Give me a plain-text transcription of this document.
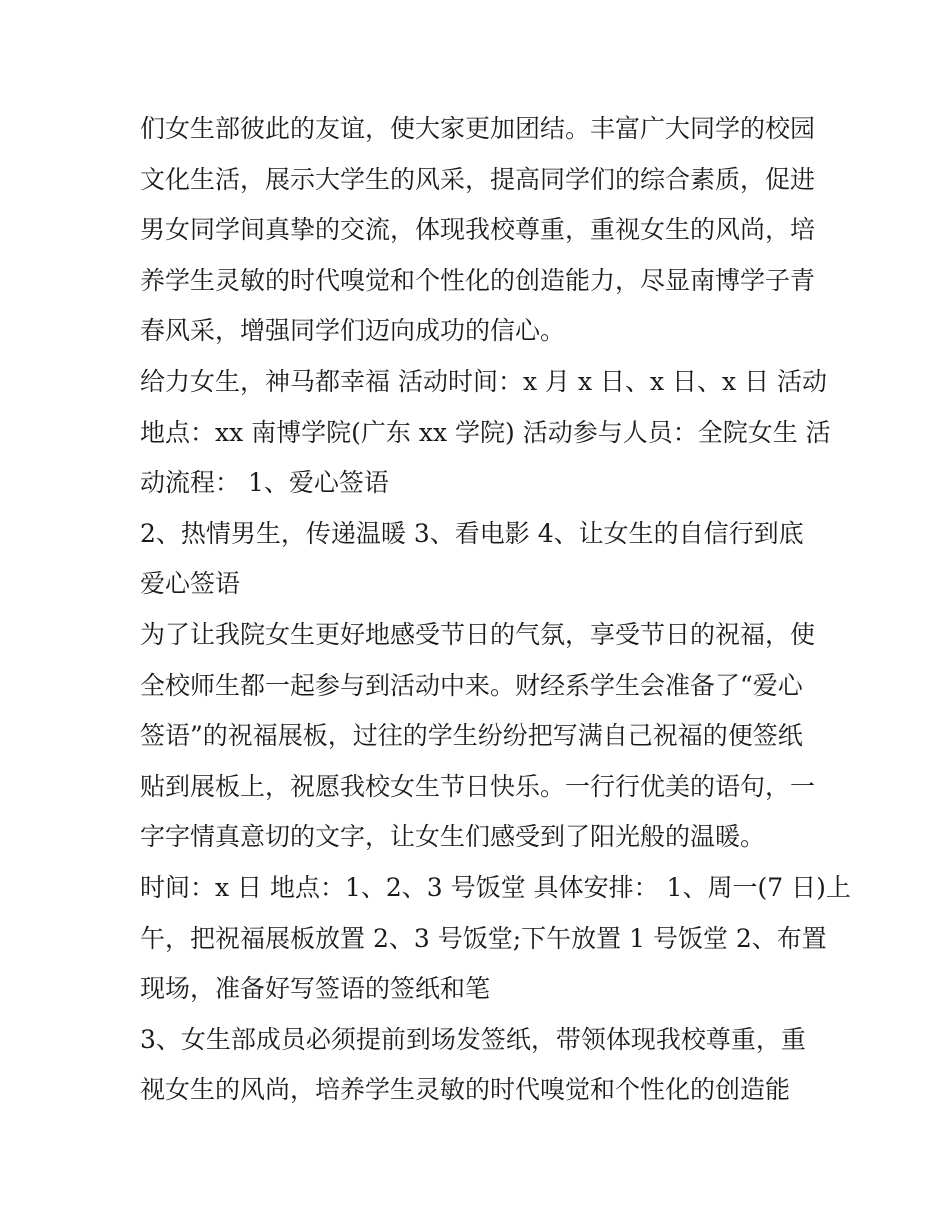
们女生部彼此的友谊，使大家更加团结。丰富广大同学的校园
文化生活，展示大学生的风采，提高同学们的综合素质，促进
男女同学间真挚的交流，体现我校尊重，重视女生的风尚，培
养学生灵敏的时代嗅觉和个性化的创造能力，尽显南博学子青
春风采，增强同学们迈向成功的信心。
给力女生，神马都幸福 活动时间：x 月 x 日、x 日、x 日 活动
地点：xx 南博学院(广东 xx 学院) 活动参与人员：全院女生 活
动流程： 1、爱心签语
2、热情男生，传递温暖 3、看电影 4、让女生的自信行到底
爱心签语
为了让我院女生更好地感受节日的气氛，享受节日的祝福，使
全校师生都一起参与到活动中来。财经系学生会准备了“爱心
签语”的祝福展板，过往的学生纷纷把写满自己祝福的便签纸
贴到展板上，祝愿我校女生节日快乐。一行行优美的语句，一
字字情真意切的文字，让女生们感受到了阳光般的温暖。
时间：x 日 地点：1、2、3 号饭堂 具体安排： 1、周一(7 日)上
午，把祝福展板放置 2、3 号饭堂;下午放置 1 号饭堂 2、布置
现场，准备好写签语的签纸和笔
3、女生部成员必须提前到场发签纸，带领体现我校尊重，重
视女生的风尚，培养学生灵敏的时代嗅觉和个性化的创造能
